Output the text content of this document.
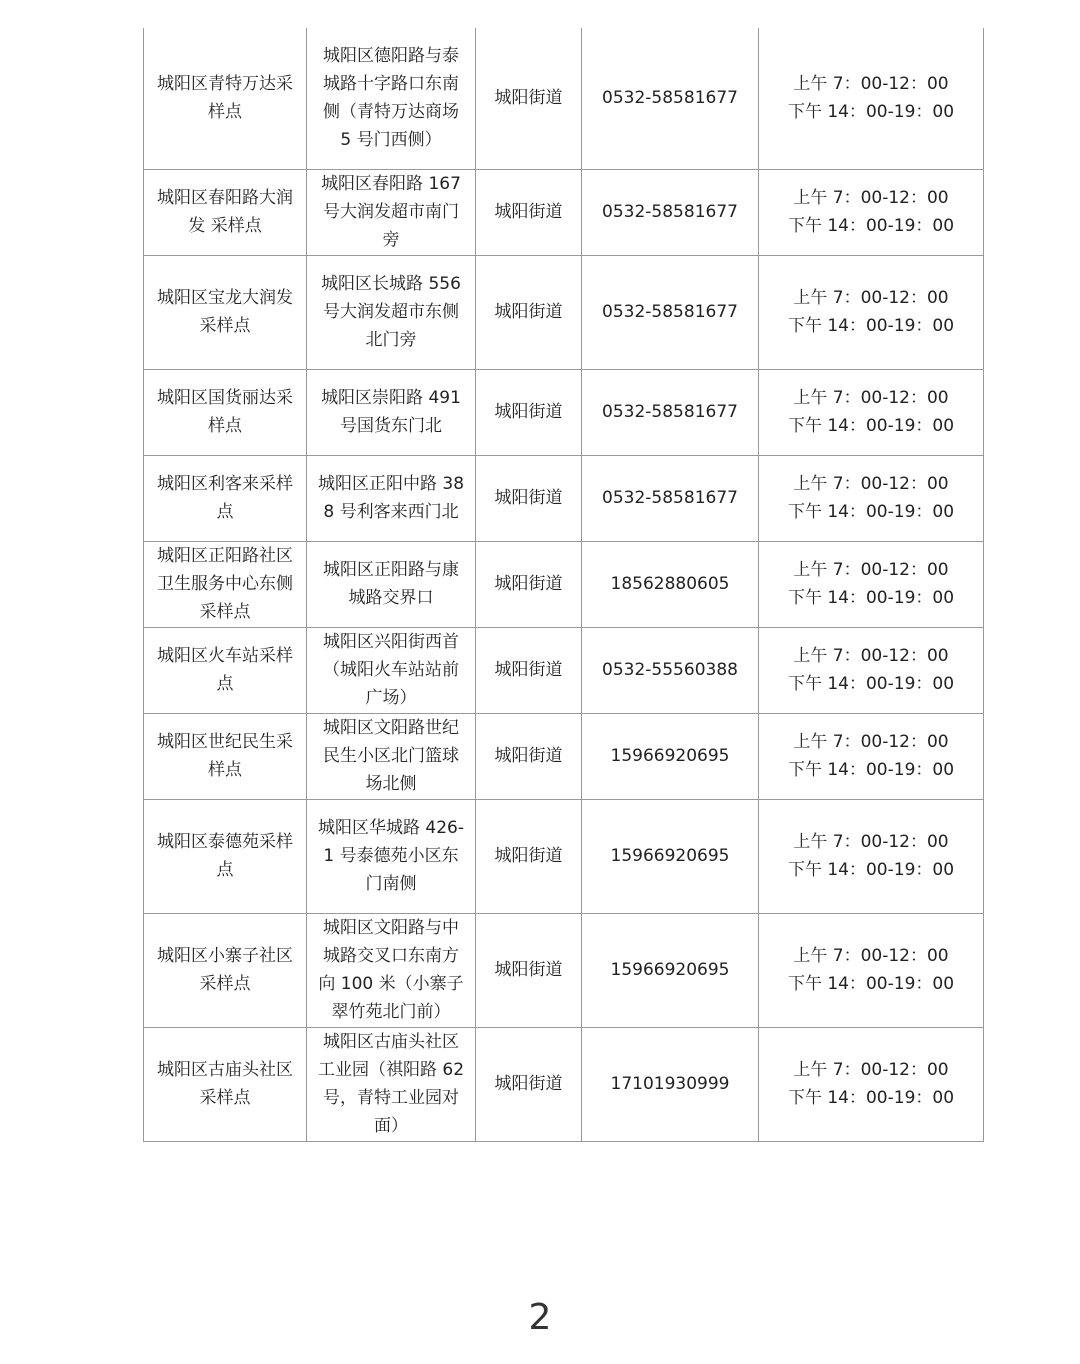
城阳区青特万达采样点	城阳区德阳路与泰城路十字路口东南侧（青特万达商场 5 号门西侧）	城阳街道	0532-58581677	上午 7：00-12：00
下午 14：00-19：00

城阳区春阳路大润发 采样点	城阳区春阳路 167 号大润发超市南门旁	城阳街道	0532-58581677	上午 7：00-12：00
下午 14：00-19：00

城阳区宝龙大润发 采样点	城阳区长城路 556 号大润发超市东侧北门旁	城阳街道	0532-58581677	上午 7：00-12：00
下午 14：00-19：00

城阳区国货丽达采样点	城阳区崇阳路 491 号国货东门北	城阳街道	0532-58581677	上午 7：00-12：00
下午 14：00-19：00

城阳区利客来采样点	城阳区正阳中路 388 号利客来西门北	城阳街道	0532-58581677	上午 7：00-12：00
下午 14：00-19：00

城阳区正阳路社区卫生服务中心东侧采样点	城阳区正阳路与康城路交界口	城阳街道	18562880605	上午 7：00-12：00
下午 14：00-19：00

城阳区火车站采样点	城阳区兴阳街西首（城阳火车站站前广场）	城阳街道	0532-55560388	上午 7：00-12：00
下午 14：00-19：00

城阳区世纪民生采样点	城阳区文阳路世纪民生小区北门篮球场北侧	城阳街道	15966920695	上午 7：00-12：00
下午 14：00-19：00

城阳区泰德苑采样点	城阳区华城路 426-1 号泰德苑小区东门南侧	城阳街道	15966920695	上午 7：00-12：00
下午 14：00-19：00

城阳区小寨子社区 采样点	城阳区文阳路与中城路交叉口东南方向 100 米（小寨子翠竹苑北门前）	城阳街道	15966920695	上午 7：00-12：00
下午 14：00-19：00

城阳区古庙头社区 采样点	城阳区古庙头社区工业园（祺阳路 62 号，青特工业园对面）	城阳街道	17101930999	上午 7：00-12：00
下午 14：00-19：00
2
